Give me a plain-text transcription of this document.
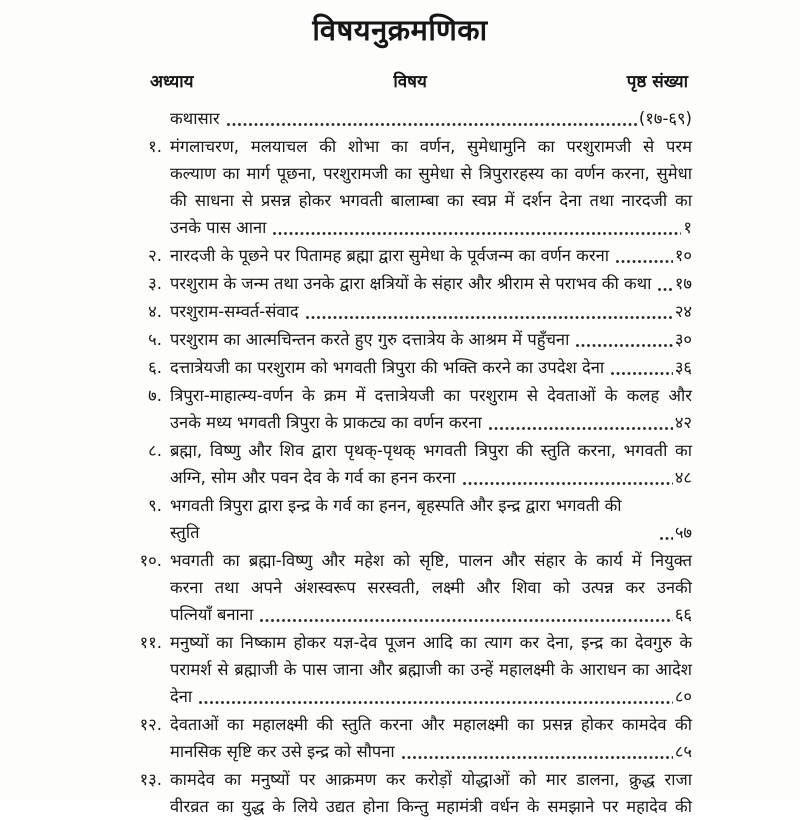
विषयनुक्रमणिका
अध्याय	विषय	पृष्ठ संख्या
कथासार	(१७-६९)
१. मंगलाचरण, मलयाचल की शोभा का वर्णन, सुमेधामुनि का परशुरामजी से परम
कल्याण का मार्ग पूछना, परशुरामजी का सुमेधा से त्रिपुरारहस्य का वर्णन करना, सुमेधा
की साधना से प्रसन्न होकर भगवती बालाम्बा का स्वप्न में दर्शन देना तथा नारदजी का
उनके पास आना	१
२. नारदजी के पूछने पर पितामह ब्रह्मा द्वारा सुमेधा के पूर्वजन्म का वर्णन करना	१०
३. परशुराम के जन्म तथा उनके द्वारा क्षत्रियों के संहार और श्रीराम से पराभव की कथा १७
४. परशुराम-सम्वर्त-संवाद	२४
५. परशुराम का आत्मचिन्तन करते हुए गुरु दत्तात्रेय के आश्रम में पहुँचना	३०
६. दत्तात्रेयजी का परशुराम को भगवती त्रिपुरा की भक्ति करने का उपदेश देना	३६
७. त्रिपुरा-माहात्म्य-वर्णन के क्रम में दत्तात्रेयजी का परशुराम से देवताओं के कलह और
उनके मध्य भगवती त्रिपुरा के प्राकट्य का वर्णन करना	४२
८. ब्रह्मा, विष्णु और शिव द्वारा पृथक्-पृथक् भगवती त्रिपुरा की स्तुति करना, भगवती का
अग्नि, सोम और पवन देव के गर्व का हनन करना	४८
९. भगवती त्रिपुरा द्वारा इन्द्र के गर्व का हनन, बृहस्पति और इन्द्र द्वारा भगवती की स्तुति	५७
१०. भवगती का ब्रह्मा-विष्णु और महेश को सृष्टि, पालन और संहार के कार्य में नियुक्त
करना तथा अपने अंशस्वरूप सरस्वती, लक्ष्मी और शिवा को उत्पन्न कर उनकी
पत्नियाँ बनाना	६६
११. मनुष्यों का निष्काम होकर यज्ञ-देव पूजन आदि का त्याग कर देना, इन्द्र का देवगुरु के
परामर्श से ब्रह्माजी के पास जाना और ब्रह्माजी का उन्हें महालक्ष्मी के आराधन का आदेश
देना	८०
१२. देवताओं का महालक्ष्मी की स्तुति करना और महालक्ष्मी का प्रसन्न होकर कामदेव की
मानसिक सृष्टि कर उसे इन्द्र को सौपना	८५
१३. कामदेव का मनुष्यों पर आक्रमण कर करोड़ों योद्धाओं को मार डालना, क्रुद्ध राजा
वीरव्रत का युद्ध के लिये उद्यत होना किन्तु महामंत्री वर्धन के समझाने पर महादेव की
